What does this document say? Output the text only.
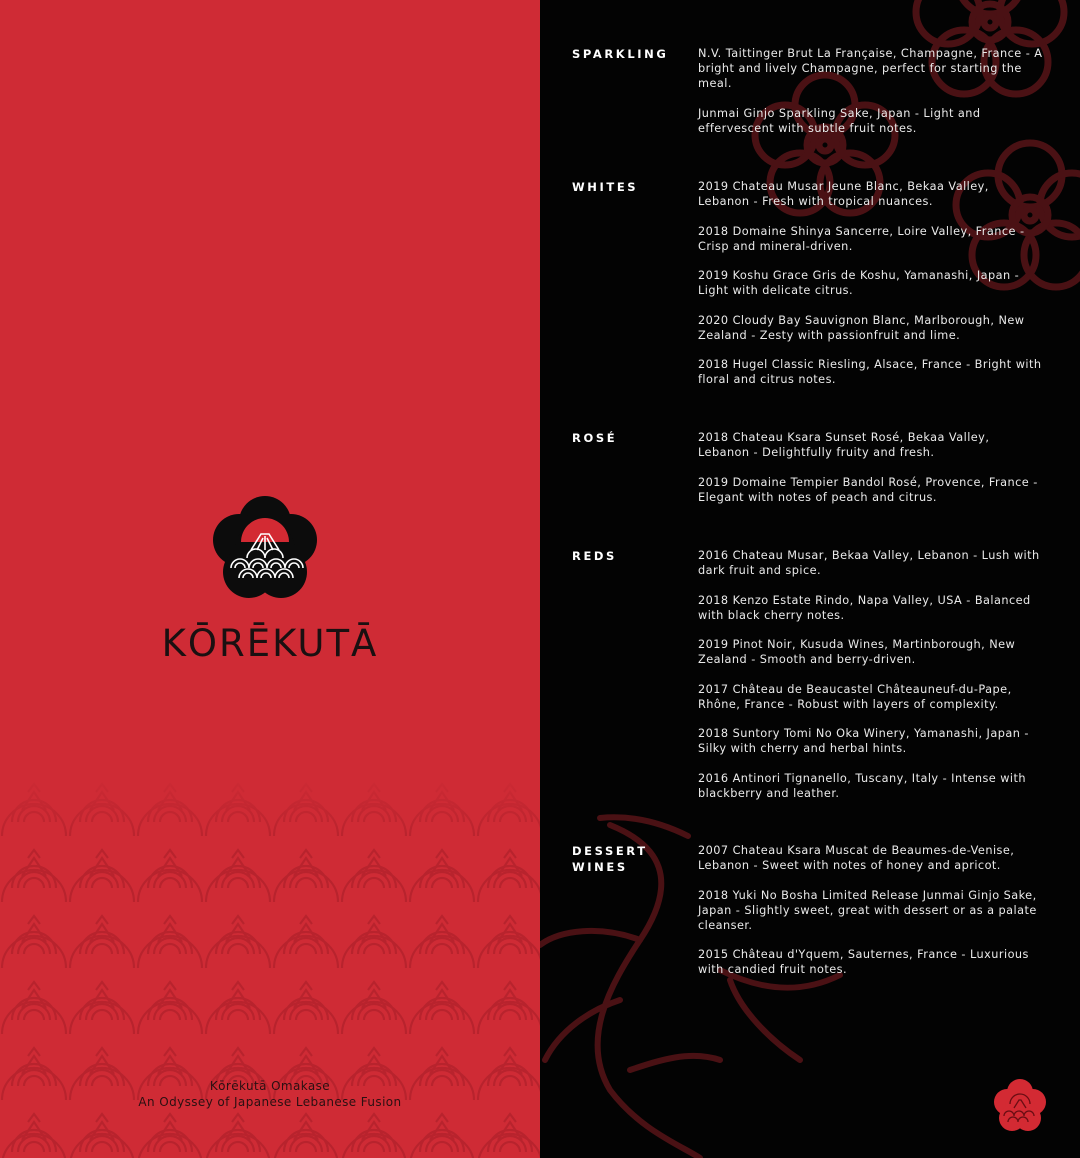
KŌRĒKUTĀ
Kōrēkutā Omakase
An Odyssey of Japanese Lebanese Fusion
SPARKLING	N.V. Taittinger Brut La Française, Champagne, France - A bright and lively Champagne, perfect for starting the meal.
Junmai Ginjo Sparkling Sake, Japan - Light and effervescent with subtle fruit notes.
WHITES	2019 Chateau Musar Jeune Blanc, Bekaa Valley, Lebanon - Fresh with tropical nuances.
2018 Domaine Shinya Sancerre, Loire Valley, France - Crisp and mineral-driven.
2019 Koshu Grace Gris de Koshu, Yamanashi, Japan - Light with delicate citrus.
2020 Cloudy Bay Sauvignon Blanc, Marlborough, New Zealand - Zesty with passionfruit and lime.
2018 Hugel Classic Riesling, Alsace, France - Bright with floral and citrus notes.
ROSÉ	2018 Chateau Ksara Sunset Rosé, Bekaa Valley, Lebanon - Delightfully fruity and fresh.
2019 Domaine Tempier Bandol Rosé, Provence, France - Elegant with notes of peach and citrus.
REDS	2016 Chateau Musar, Bekaa Valley, Lebanon - Lush with dark fruit and spice.
2018 Kenzo Estate Rindo, Napa Valley, USA - Balanced with black cherry notes.
2019 Pinot Noir, Kusuda Wines, Martinborough, New Zealand - Smooth and berry-driven.
2017 Château de Beaucastel Châteauneuf-du-Pape, Rhône, France - Robust with layers of complexity.
2018 Suntory Tomi No Oka Winery, Yamanashi, Japan - Silky with cherry and herbal hints.
2016 Antinori Tignanello, Tuscany, Italy - Intense with blackberry and leather.
DESSERT WINES
2007 Chateau Ksara Muscat de Beaumes-de-Venise, Lebanon - Sweet with notes of honey and apricot.
2018 Yuki No Bosha Limited Release Junmai Ginjo Sake, Japan - Slightly sweet, great with dessert or as a palate cleanser.
2015 Château d'Yquem, Sauternes, France - Luxurious with candied fruit notes.
